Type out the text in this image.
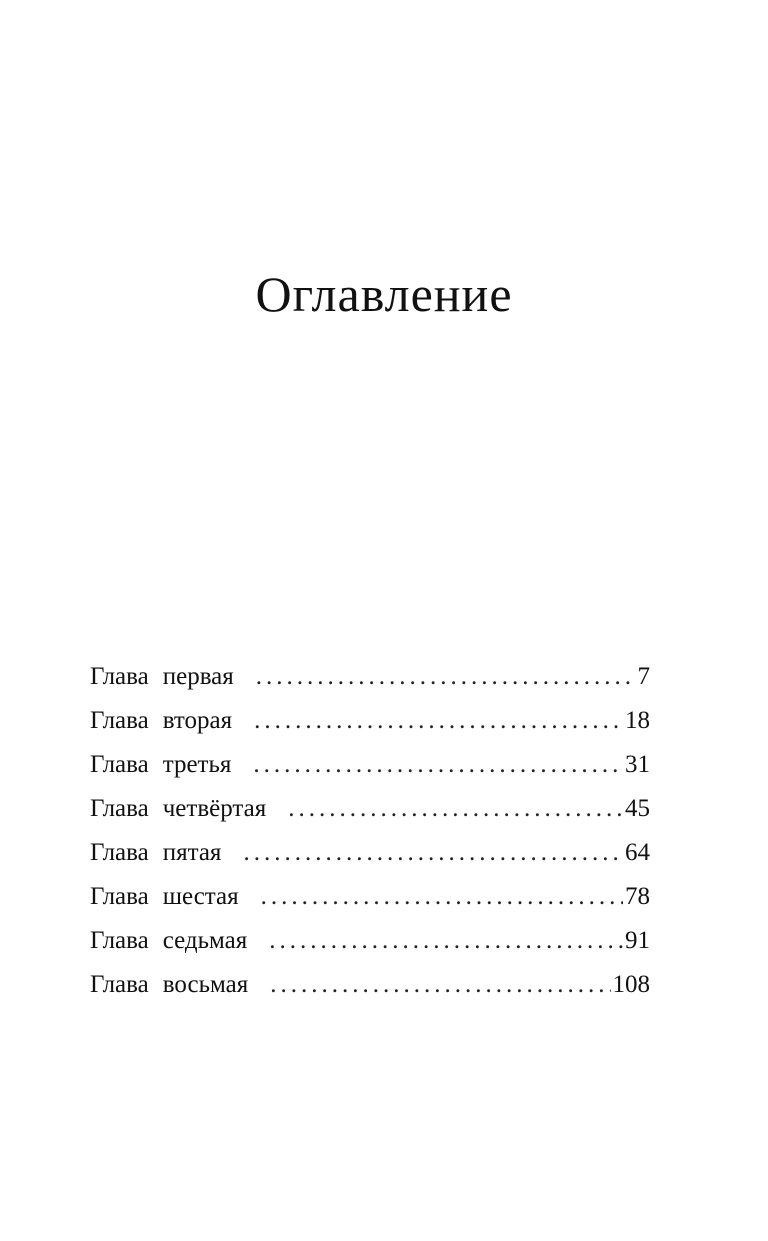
Оглавление
Глава первая .....	7
Глава вторая .....	18
Глава третья .....	31
Глава четвёртая .....	45
Глава пятая .....	64
Глава шестая .....	78
Глава седьмая .....	91
Глава восьмая .....	108
